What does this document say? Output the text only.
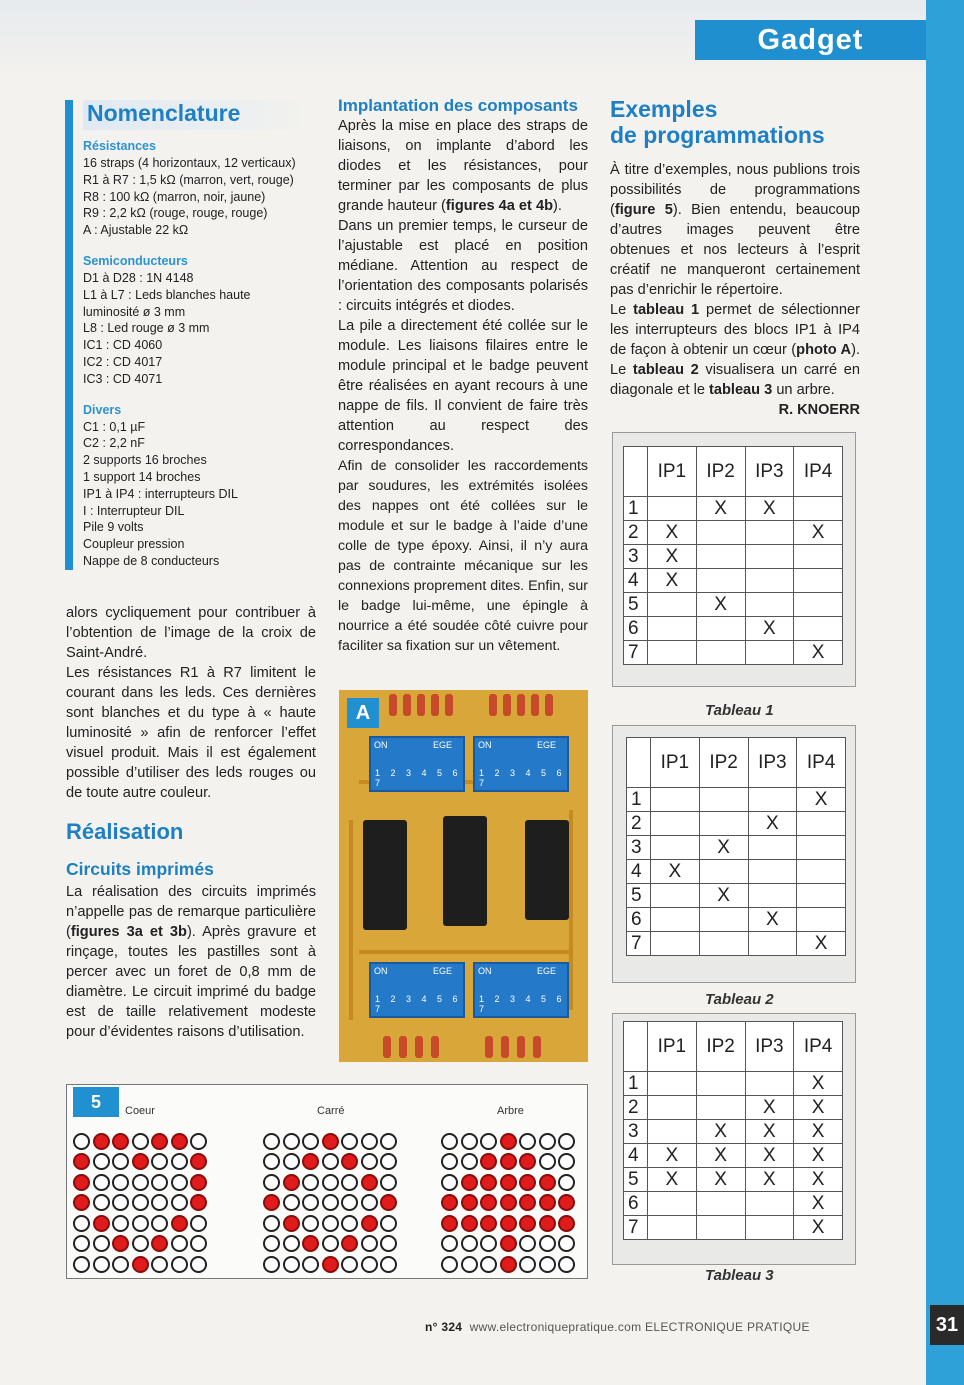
Gadget
31
Nomenclature
Résistances
16 straps (4 horizontaux, 12 verticaux)
R1 à R7 : 1,5 kΩ (marron, vert, rouge)
R8 : 100 kΩ (marron, noir, jaune)
R9 : 2,2 kΩ (rouge, rouge, rouge)
A : Ajustable 22 kΩ
Semiconducteurs
D1 à D28 : 1N 4148
L1 à L7 : Leds blanches haute
luminosité ø 3 mm
L8 : Led rouge ø 3 mm
IC1 : CD 4060
IC2 : CD 4017
IC3 : CD 4071
Divers
C1 : 0,1 µF
C2 : 2,2 nF
2 supports 16 broches
1 support 14 broches
IP1 à IP4 : interrupteurs DIL
I : Interrupteur DIL
Pile 9 volts
Coupleur pression
Nappe de 8 conducteurs

alors cycliquement pour contribuer à l’obtention de l’image de la croix de Saint-André.

Les résistances R1 à R7 limitent le courant dans les leds. Ces dernières sont blanches et du type à « haute luminosité » afin de renforcer l’effet visuel produit. Mais il est également possible d’utiliser des leds rouges ou de toute autre couleur.

Réalisation
Circuits imprimés

La réalisation des circuits imprimés n’appelle pas de remarque particulière (figures 3a et 3b). Après gravure et rinçage, toutes les pastilles sont à percer avec un foret de 0,8 mm de diamètre. Le circuit imprimé du badge est de taille relativement modeste pour d’évidentes raisons d’utilisation.

Implantation des composants

Après la mise en place des straps de liaisons, on implante d’abord les diodes et les résistances, pour terminer par les composants de plus grande hauteur (figures 4a et 4b).

Dans un premier temps, le curseur de l’ajustable est placé en position médiane. Attention au respect de l’orientation des composants polarisés : circuits intégrés et diodes.

La pile a directement été collée sur le module. Les liaisons filaires entre le module principal et le badge peuvent être réalisées en ayant recours à une nappe de fils. Il convient de faire très attention au respect des correspondances.

Afin de consolider les raccordements par soudures, les extrémités isolées des nappes ont été collées sur le module et sur le badge à l’aide d’une colle de type époxy. Ainsi, il n’y aura pas de contrainte mécanique sur les connexions proprement dites. Enfin, sur le badge lui-même, une épingle à nourrice a été soudée côté cuivre pour faciliter sa fixation sur un vêtement.

A
ON	EGE
1 2 3 4 5 6 7
ON	EGE
1 2 3 4 5 6 7
ON	EGE
1 2 3 4 5 6 7
ON	EGE
1 2 3 4 5 6 7
Exemples
de programmations

À titre d’exemples, nous publions trois possibilités de programmations (figure 5). Bien entendu, beaucoup d’autres images peuvent être obtenues et nos lecteurs à l’esprit créatif ne manqueront certainement pas d’enrichir le répertoire.

Le tableau 1 permet de sélectionner les interrupteurs des blocs IP1 à IP4 de façon à obtenir un cœur (photo A). Le tableau 2 visualisera un carré en diagonale et le tableau 3 un arbre.

R. KNOERR
	IP1	IP2	IP3	IP4
1		X	X	
2	X			X
3	X			
4	X			
5		X		
6			X	
7				X
Tableau 1
	IP1	IP2	IP3	IP4
1				X
2			X	
3		X		
4	X			
5		X		
6			X	
7				X
Tableau 2
	IP1	IP2	IP3	IP4
1				X
2			X	X
3		X	X	X
4	X	X	X	X
5	X	X	X	X
6				X
7				X
Tableau 3
5	Coeur	Carré	Arbre
n° 324 www.electroniquepratique.com ELECTRONIQUE PRATIQUE
